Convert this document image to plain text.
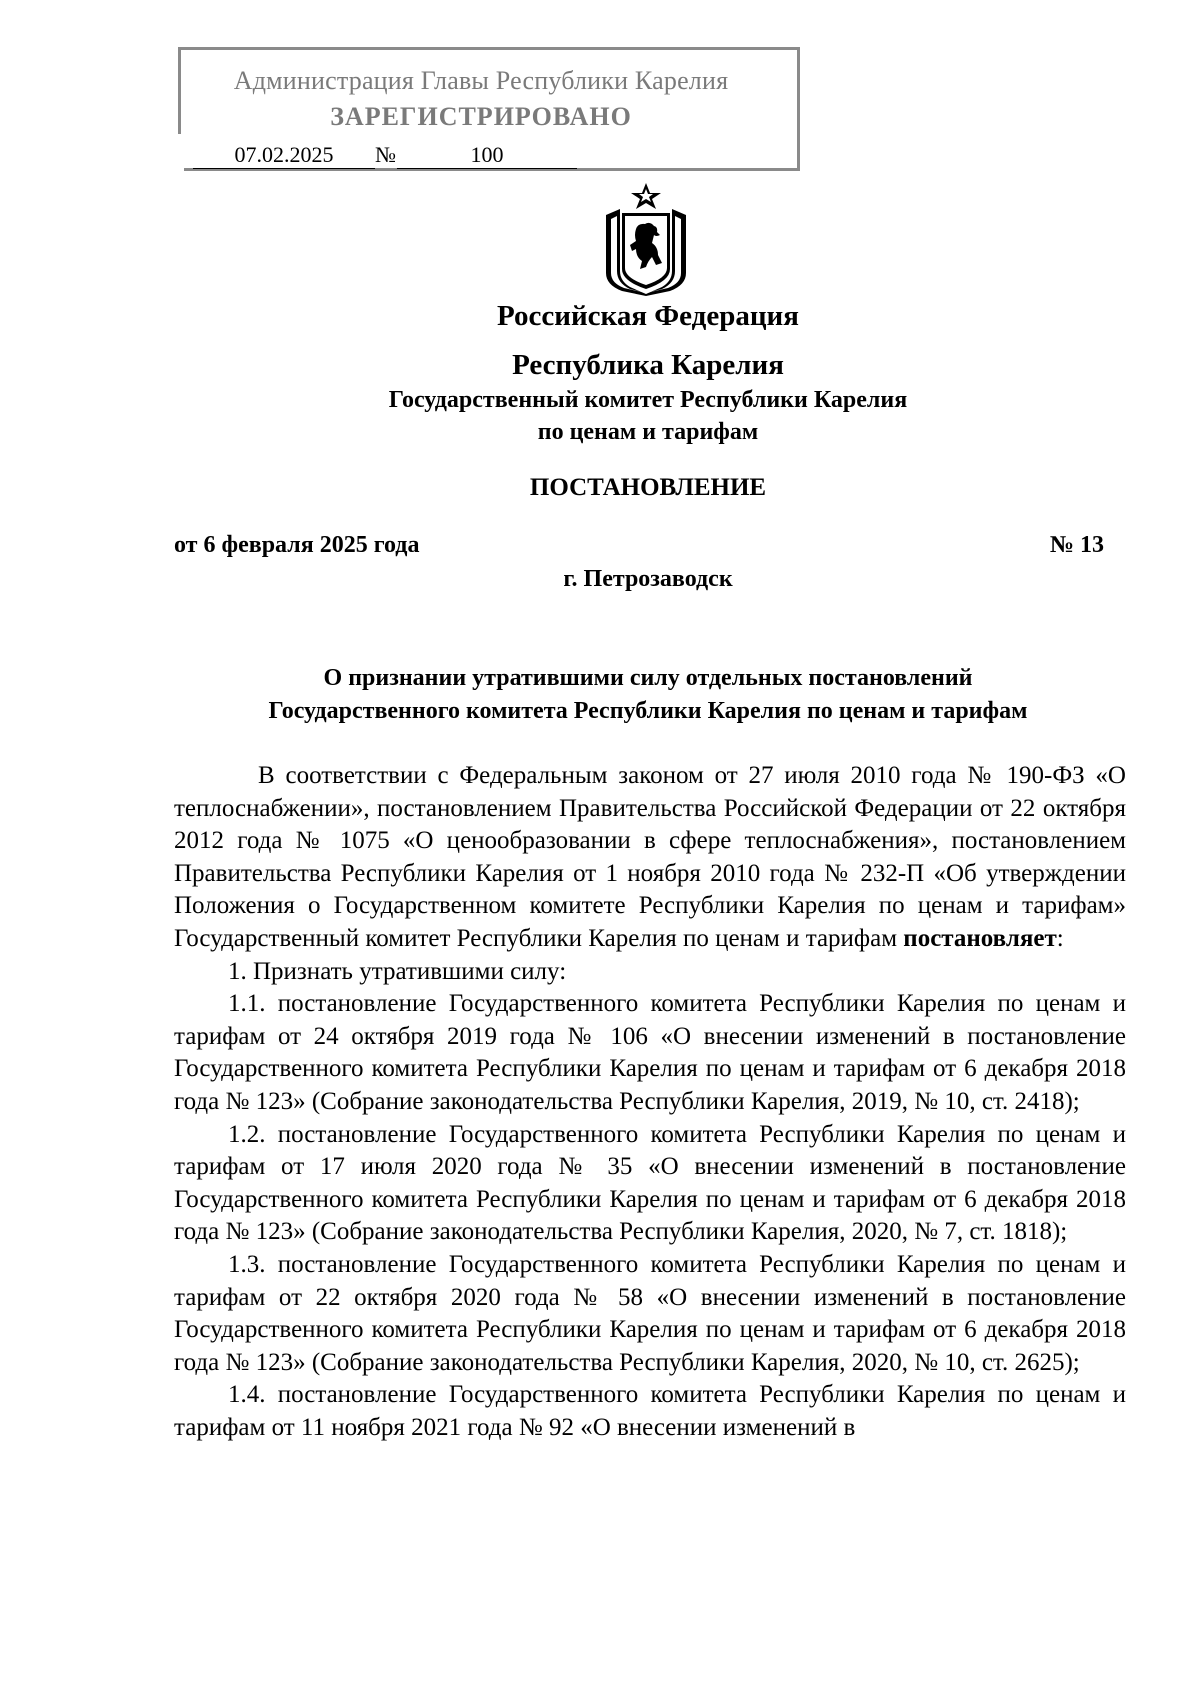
Администрация Главы Республики Карелия
ЗАРЕГИСТРИРОВАНО
07.02.2025	№	100
Российская Федерация
Республика Карелия
Государственный комитет Республики Карелия
по ценам и тарифам
ПОСТАНОВЛЕНИЕ
от 6 февраля 2025 года	№ 13
г. Петрозаводск
О признании утратившими силу отдельных постановлений
Государственного комитета Республики Карелия по ценам и тарифам

В соответствии с Федеральным законом от 27 июля 2010 года № 190-ФЗ «О теплоснабжении», постановлением Правительства Российской Федерации от 22 октября 2012 года № 1075 «О ценообразовании в сфере теплоснабжения», постановлением Правительства Республики Карелия от 1 ноября 2010 года № 232-П «Об утверждении Положения о Государственном комитете Республики Карелия по ценам и тарифам» Государственный комитет Республики Карелия по ценам и тарифам постановляет:

1. Признать утратившими силу:

1.1. постановление Государственного комитета Республики Карелия по ценам и тарифам от 24 октября 2019 года № 106 «О внесении изменений в постановление Государственного комитета Республики Карелия по ценам и тарифам от 6 декабря 2018 года № 123» (Собрание законодательства Республики Карелия, 2019, № 10, ст. 2418);

1.2. постановление Государственного комитета Республики Карелия по ценам и тарифам от 17 июля 2020 года № 35 «О внесении изменений в постановление Государственного комитета Республики Карелия по ценам и тарифам от 6 декабря 2018 года № 123» (Собрание законодательства Республики Карелия, 2020, № 7, ст. 1818);

1.3. постановление Государственного комитета Республики Карелия по ценам и тарифам от 22 октября 2020 года № 58 «О внесении изменений в постановление Государственного комитета Республики Карелия по ценам и тарифам от 6 декабря 2018 года № 123» (Собрание законодательства Республики Карелия, 2020, № 10, ст. 2625);

1.4. постановление Государственного комитета Республики Карелия по ценам и тарифам от 11 ноября 2021 года № 92 «О внесении изменений в
